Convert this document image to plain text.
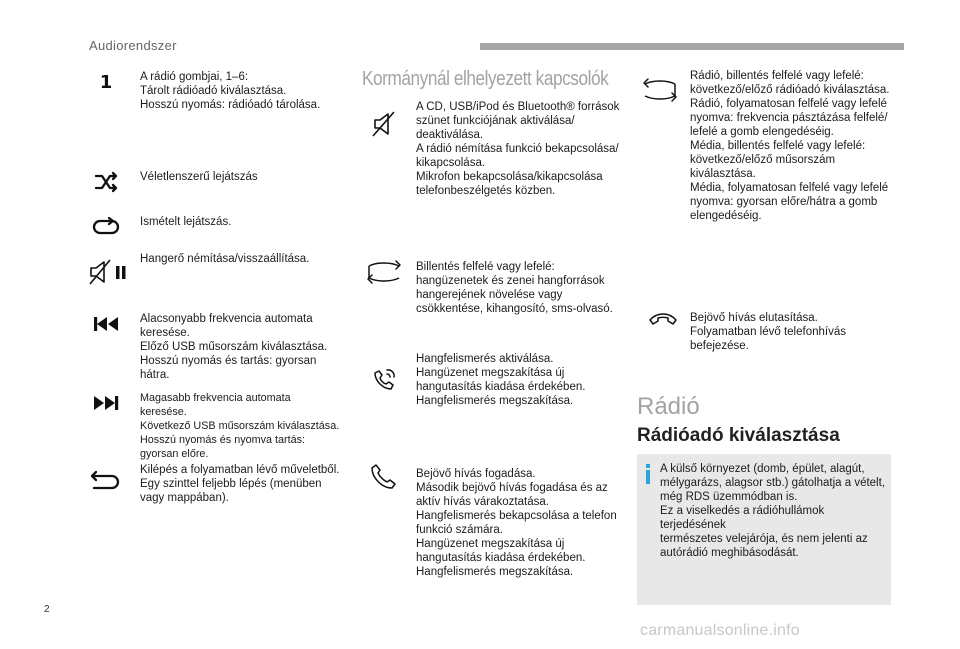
Audiorendszer
1 A rádió gombjai, 1–6:
Tárolt rádióadó kiválasztása.
Hosszú nyomás: rádióadó tárolása.
Véletlenszerű lejátszás
Ismételt lejátszás.
Hangerő némítása/visszaállítása.
Alacsonyabb frekvencia automata
keresése.
Előző USB műsorszám kiválasztása.
Hosszú nyomás és tartás: gyorsan
hátra.
Magasabb frekvencia automata keresése.
Következő USB műsorszám kiválasztása.
Hosszú nyomás és nyomva tartás:
gyorsan előre.
Kilépés a folyamatban lévő műveletből.
Egy szinttel feljebb lépés (menüben
vagy mappában).
Kormánynál elhelyezett kapcsolók
A CD, USB/iPod és Bluetooth® források
szünet funkciójának aktiválása/
deaktiválása.
A rádió némítása funkció bekapcsolása/
kikapcsolása.
Mikrofon bekapcsolása/kikapcsolása
telefonbeszélgetés közben.
Billentés felfelé vagy lefelé:
hangüzenetek és zenei hangforrások
hangerejének növelése vagy
csökkentése, kihangosító, sms-olvasó.
Hangfelismerés aktiválása.
Hangüzenet megszakítása új
hangutasítás kiadása érdekében.
Hangfelismerés megszakítása.
Bejövő hívás fogadása.
Második bejövő hívás fogadása és az
aktív hívás várakoztatása.
Hangfelismerés bekapcsolása a telefon
funkció számára.
Hangüzenet megszakítása új
hangutasítás kiadása érdekében.
Hangfelismerés megszakítása.
Rádió, billentés felfelé vagy lefelé:
következő/előző rádióadó kiválasztása.
Rádió, folyamatosan felfelé vagy lefelé
nyomva: frekvencia pásztázása felfelé/
lefelé a gomb elengedéséig.
Média, billentés felfelé vagy lefelé:
következő/előző műsorszám
kiválasztása.
Média, folyamatosan felfelé vagy lefelé
nyomva: gyorsan előre/hátra a gomb
elengedéséig.
Bejövő hívás elutasítása.
Folyamatban lévő telefonhívás
befejezése.
Rádió
Rádióadó kiválasztása
A külső környezet (domb, épület, alagút,
mélygarázs, alagsor stb.) gátolhatja a vételt,
még RDS üzemmódban is.
Ez a viselkedés a rádióhullámok terjedésének
természetes velejárója, és nem jelenti az
autórádió meghibásodását.
2
carmanualsonline.info
